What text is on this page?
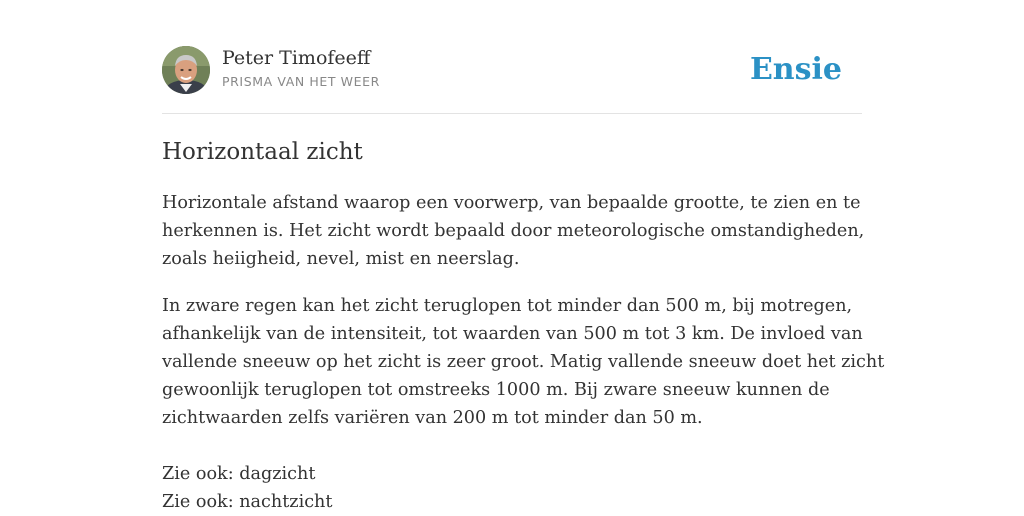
Peter Timofeeff
PRISMA VAN HET WEER	Ensie
Horizontaal zicht

Horizontale afstand waarop een voorwerp, van bepaalde grootte, te zien en te
herkennen is. Het zicht wordt bepaald door meteorologische omstandigheden,
zoals heiigheid, nevel, mist en neerslag.

In zware regen kan het zicht teruglopen tot minder dan 500 m, bij motregen,
afhankelijk van de intensiteit, tot waarden van 500 m tot 3 km. De invloed van
vallende sneeuw op het zicht is zeer groot. Matig vallende sneeuw doet het zicht
gewoonlijk teruglopen tot omstreeks 1000 m. Bij zware sneeuw kunnen de
zichtwaarden zelfs variëren van 200 m tot minder dan 50 m.

Zie ook: dagzicht
Zie ook: nachtzicht
